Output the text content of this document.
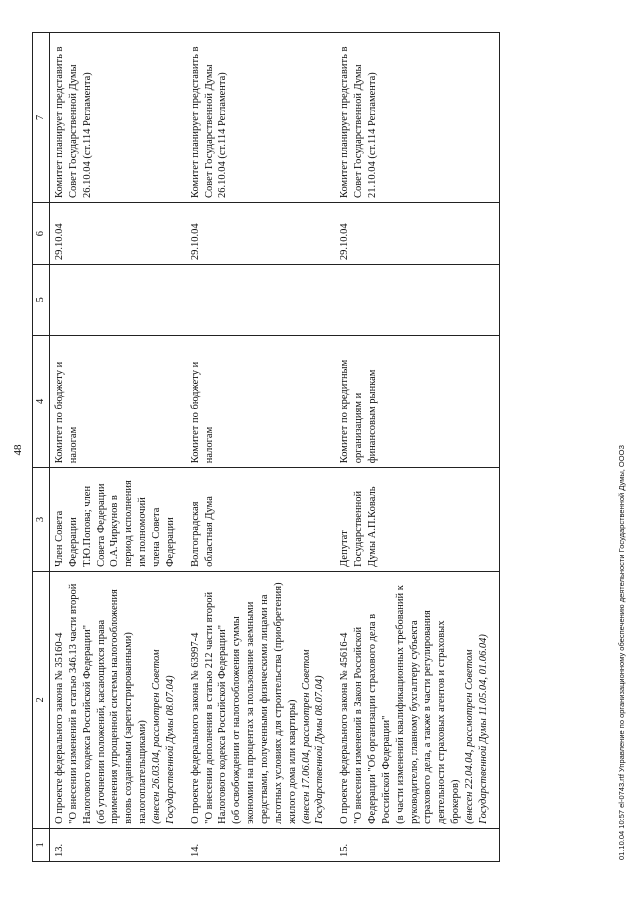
48
1	2	3	4	5	6	7
13.	О проекте федерального закона № 35160-4 "О внесении изменений в статью 346.13 части второй Налогового кодекса Российской Федерации" (об уточнении положений, касающихся права применения упрощенной системы налогообложения вновь созданными (зарегистрированными) налогоплательщиками) (внесен 26.03.04, рассмотрен Советом Государственной Думы 08.07.04)	Член Совета Федерации Т.Ю.Попова; член Совета Федерации О.А.Чиркунов в период исполнения им полномочий члена Совета Федерации	Комитет по бюджету и налогам		29.10.04	Комитет планирует представить в Совет Государственной Думы 26.10.04 (ст.114 Регламента)
14.	О проекте федерального закона № 63997-4 "О внесении дополнения в статью 212 части второй Налогового кодекса Российской Федерации" (об освобождении от налогообложения суммы экономии на процентах за пользование заемными средствами, полученными физическими лицами на льготных условиях для строительства (приобретения) жилого дома или квартиры) (внесен 17.06.04, рассмотрен Советом Государственной Думы 08.07.04)	Волгоградская областная Дума	Комитет по бюджету и налогам		29.10.04	Комитет планирует представить в Совет Государственной Думы 26.10.04 (ст.114 Регламента)
15.	О проекте федерального закона № 45616-4 "О внесении изменений в Закон Российской Федерации "Об организации страхового дела в Российской Федерации" (в части изменений квалификационных требований к руководителю, главному бухгалтеру субъекта страхового дела, а также в части регулирования деятельности страховых агентов и страховых брокеров) (внесен 22.04.04, рассмотрен Советом Государственной Думы 11.05.04, 01.06.04)	Депутат Государственной Думы А.П.Коваль	Комитет по кредитным организациям и финансовым рынкам		29.10.04	Комитет планирует представить в Совет Государственной Думы 21.10.04 (ст.114 Регламента)
01.10.04 10:57 el-0743.rtf Управление по организационному обеспечению деятельности Государственной Думы, ОООЗ
